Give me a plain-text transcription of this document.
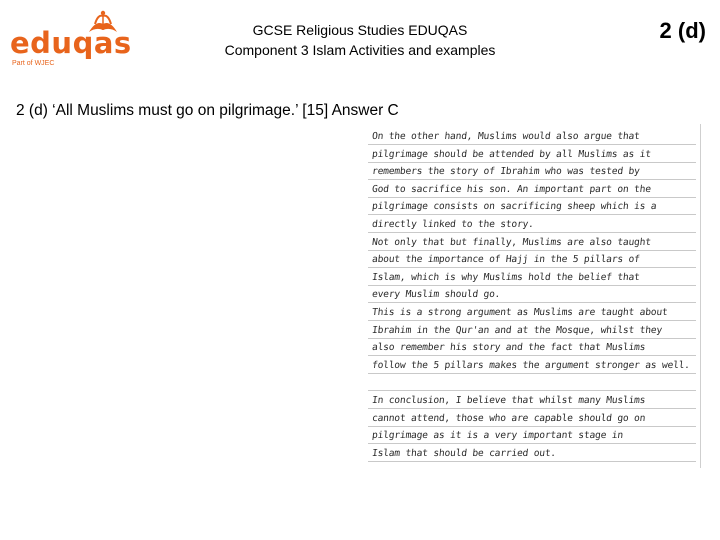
eduqas
Part of WJEC
GCSE Religious Studies EDUQAS
Component 3 Islam Activities and examples
2 (d)
2 (d) ‘All Muslims must go on pilgrimage.’ [15] Answer C
On the other hand, Muslims would also argue that
pilgrimage should be attended by all Muslims as it
remembers the story of Ibrahim who was tested by
God to sacrifice his son. An important part on the
pilgrimage consists on sacrificing sheep which is a
directly linked to the story.
Not only that but finally, Muslims are also taught
about the importance of Hajj in the 5 pillars of
Islam, which is why Muslims hold the belief that
every Muslim should go.
This is a strong argument as Muslims are taught about
Ibrahim in the Qur'an and at the Mosque, whilst they
also remember his story and the fact that Muslims
follow the 5 pillars makes the argument stronger as well.
In conclusion, I believe that whilst many Muslims
cannot attend, those who are capable should go on
pilgrimage as it is a very important stage in
Islam that should be carried out.
